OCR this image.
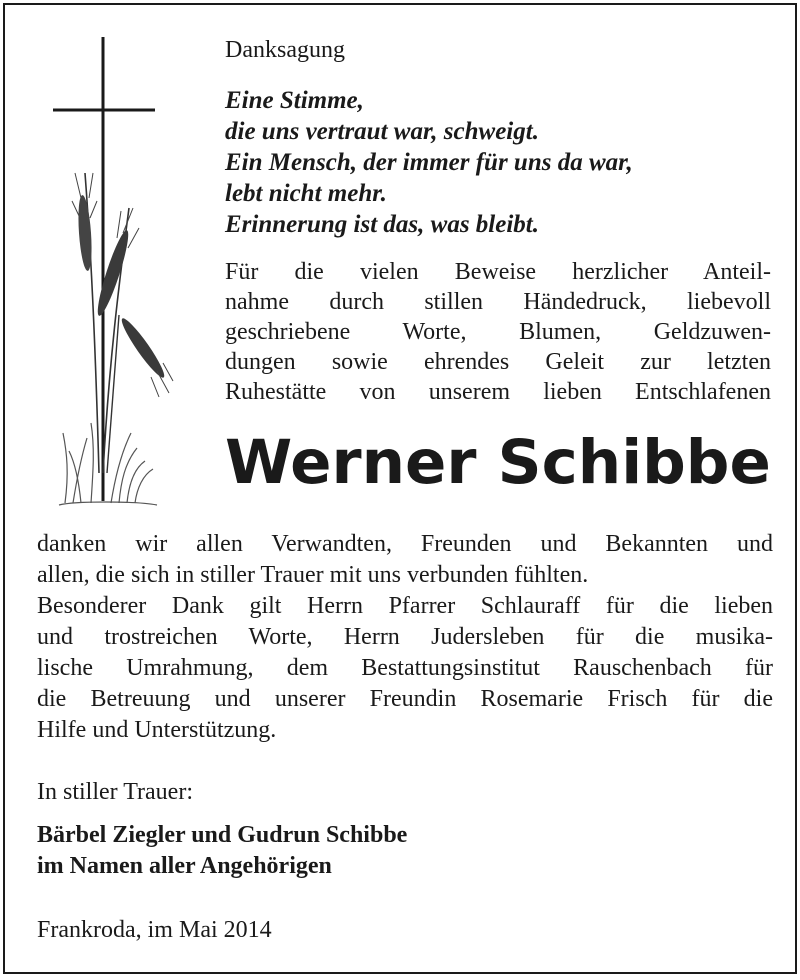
Danksagung
Eine Stimme,
die uns vertraut war, schweigt.
Ein Mensch, der immer für uns da war,
lebt nicht mehr.
Erinnerung ist das, was bleibt.
Für die vielen Beweise herzlicher Anteil-
nahme durch stillen Händedruck, liebevoll
geschriebene Worte, Blumen, Geldzuwen-
dungen sowie ehrendes Geleit zur letzten
Ruhestätte von unserem lieben Entschlafenen
Werner Schibbe
danken wir allen Verwandten, Freunden und Bekannten und
allen, die sich in stiller Trauer mit uns verbunden fühlten.
Besonderer Dank gilt Herrn Pfarrer Schlauraff für die lieben
und trostreichen Worte, Herrn Judersleben für die musika-
lische Umrahmung, dem Bestattungsinstitut Rauschenbach für
die Betreuung und unserer Freundin Rosemarie Frisch für die
Hilfe und Unterstützung.
In stiller Trauer:
Bärbel Ziegler und Gudrun Schibbe
im Namen aller Angehörigen
Frankroda, im Mai 2014
